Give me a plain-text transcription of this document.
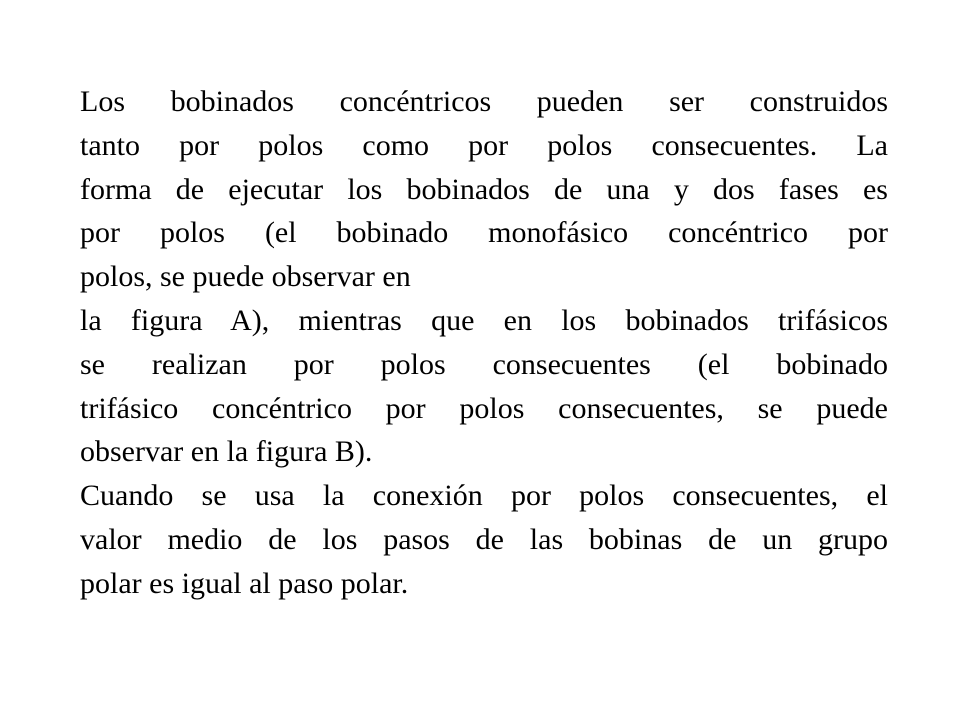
Los bobinados concéntricos pueden ser construidos
tanto por polos como por polos consecuentes. La
forma de ejecutar los bobinados de una y dos fases es
por polos (el bobinado monofásico concéntrico por
polos, se puede observar en

la figura A), mientras que en los bobinados trifásicos
se realizan por polos consecuentes (el bobinado
trifásico concéntrico por polos consecuentes, se puede
observar en la figura B).

Cuando se usa la conexión por polos consecuentes, el
valor medio de los pasos de las bobinas de un grupo
polar es igual al paso polar.
